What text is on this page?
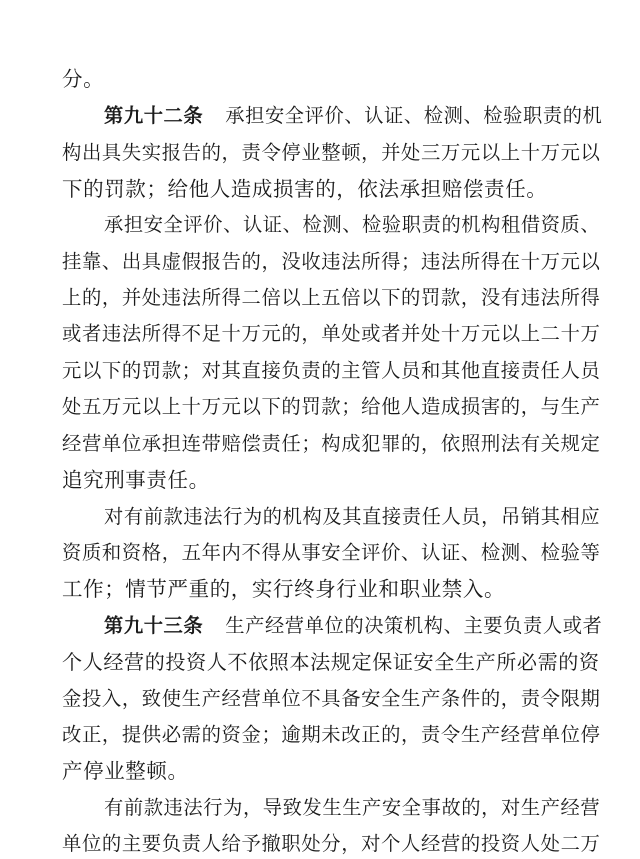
分。
第九十二条 承担安全评价、认证、检测、检验职责的机
构出具失实报告的，责令停业整顿，并处三万元以上十万元以
下的罚款；给他人造成损害的，依法承担赔偿责任。
承担安全评价、认证、检测、检验职责的机构租借资质、
挂靠、出具虚假报告的，没收违法所得；违法所得在十万元以
上的，并处违法所得二倍以上五倍以下的罚款，没有违法所得
或者违法所得不足十万元的，单处或者并处十万元以上二十万
元以下的罚款；对其直接负责的主管人员和其他直接责任人员
处五万元以上十万元以下的罚款；给他人造成损害的，与生产
经营单位承担连带赔偿责任；构成犯罪的，依照刑法有关规定
追究刑事责任。
对有前款违法行为的机构及其直接责任人员，吊销其相应
资质和资格，五年内不得从事安全评价、认证、检测、检验等
工作；情节严重的，实行终身行业和职业禁入。
第九十三条 生产经营单位的决策机构、主要负责人或者
个人经营的投资人不依照本法规定保证安全生产所必需的资
金投入，致使生产经营单位不具备安全生产条件的，责令限期
改正，提供必需的资金；逾期未改正的，责令生产经营单位停
产停业整顿。
有前款违法行为，导致发生生产安全事故的，对生产经营
单位的主要负责人给予撤职处分，对个人经营的投资人处二万
